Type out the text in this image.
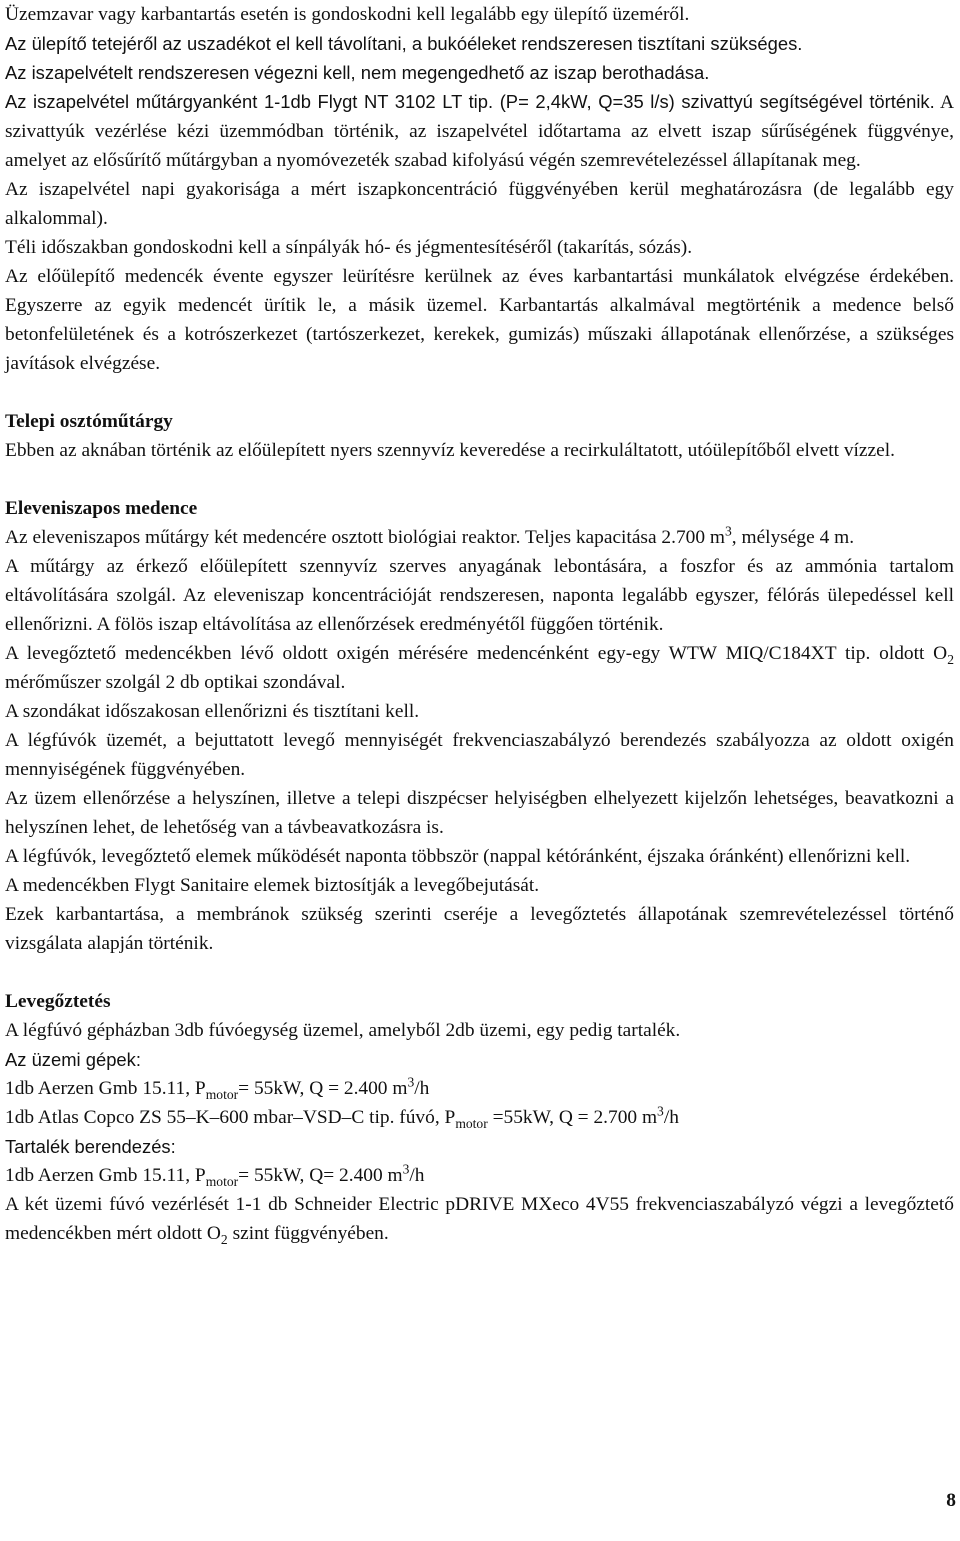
Üzemzavar vagy karbantartás esetén is gondoskodni kell legalább egy ülepítő üzeméről.

Az ülepítő tetejéről az uszadékot el kell távolítani, a bukóéleket rendszeresen tisztítani szükséges.

Az iszapelvételt rendszeresen végezni kell, nem megengedhető az iszap berothadása.

Az iszapelvétel műtárgyanként 1-1db Flygt NT 3102 LT tip. (P= 2,4kW, Q=35 l/s) szivattyú segítségével történik. A szivattyúk vezérlése kézi üzemmódban történik, az iszapelvétel időtartama az elvett iszap sűrűségének függvénye, amelyet az elősűrítő műtárgyban a nyomóvezeték szabad kifolyású végén szemrevételezéssel állapítanak meg.

Az iszapelvétel napi gyakorisága a mért iszapkoncentráció függvényében kerül meghatározásra (de legalább egy alkalommal).

Téli időszakban gondoskodni kell a sínpályák hó- és jégmentesítéséről (takarítás, sózás).

Az előülepítő medencék évente egyszer leürítésre kerülnek az éves karbantartási munkálatok elvégzése érdekében. Egyszerre az egyik medencét ürítik le, a másik üzemel. Karbantartás alkalmával megtörténik a medence belső betonfelületének és a kotrószerkezet (tartószerkezet, kerekek, gumizás) műszaki állapotának ellenőrzése, a szükséges javítások elvégzése.

Telepi osztóműtárgy

Ebben az aknában történik az előülepített nyers szennyvíz keveredése a recirkuláltatott, utóülepítőből elvett vízzel.

Eleveniszapos medence

Az eleveniszapos műtárgy két medencére osztott biológiai reaktor. Teljes kapacitása 2.700 $m^3$, mélysége 4 m.

A műtárgy az érkező előülepített szennyvíz szerves anyagának lebontására, a foszfor és az ammónia tartalom eltávolítására szolgál. Az eleveniszap koncentrációját rendszeresen, naponta legalább egyszer, félórás ülepedéssel kell ellenőrizni. A fölös iszap eltávolítása az ellenőrzések eredményétől függően történik.

A levegőztető medencékben lévő oldott oxigén mérésére medencénként egy-egy WTW MIQ/C184XT tip. oldott $O_2$ mérőműszer szolgál 2 db optikai szondával.

A szondákat időszakosan ellenőrizni és tisztítani kell.

A légfúvók üzemét, a bejuttatott levegő mennyiségét frekvenciaszabályzó berendezés szabályozza az oldott oxigén mennyiségének függvényében.

Az üzem ellenőrzése a helyszínen, illetve a telepi diszpécser helyiségben elhelyezett kijelzőn lehetséges, beavatkozni a helyszínen lehet, de lehetőség van a távbeavatkozásra is.

A légfúvók, levegőztető elemek működését naponta többször (nappal kétóránként, éjszaka óránként) ellenőrizni kell.

A medencékben Flygt Sanitaire elemek biztosítják a levegőbejutását.

Ezek karbantartása, a membránok szükség szerinti cseréje a levegőztetés állapotának szemrevételezéssel történő vizsgálata alapján történik.

Levegőztetés

A légfúvó gépházban 3db fúvóegység üzemel, amelyből 2db üzemi, egy pedig tartalék.

Az üzemi gépek:

1db Aerzen Gmb 15.11, $P_{motor}= 55kW$, Q = 2.400 $m^3/h$

1db Atlas Copco ZS 55–K–600 mbar–VSD–C tip. fúvó, $P_{motor} =55kW$, Q = 2.700 $m^3/h$

Tartalék berendezés:

1db Aerzen Gmb 15.11, $P_{motor}= 55kW$, Q= 2.400 $m^3/h$

A két üzemi fúvó vezérlését 1-1 db Schneider Electric pDRIVE MXeco 4V55 frekvenciaszabályzó végzi a levegőztető medencékben mért oldott $O_2$ szint függvényében.

8
